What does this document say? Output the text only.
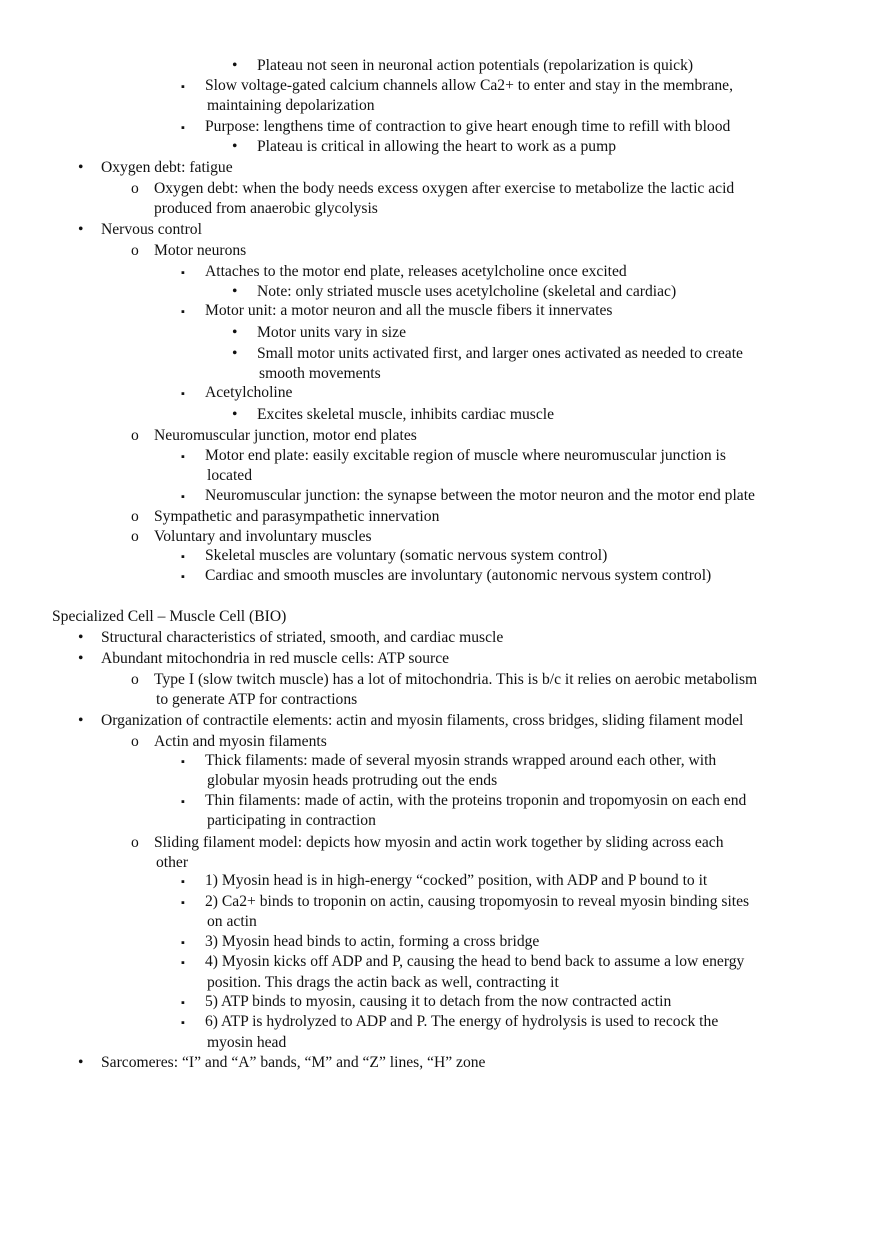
• Plateau not seen in neuronal action potentials (repolarization is quick)
▪ Slow voltage-gated calcium channels allow Ca2+ to enter and stay in the membrane,
maintaining depolarization
▪ Purpose: lengthens time of contraction to give heart enough time to refill with blood
• Plateau is critical in allowing the heart to work as a pump
• Oxygen debt: fatigue
o Oxygen debt: when the body needs excess oxygen after exercise to metabolize the lactic acid
produced from anaerobic glycolysis
• Nervous control
o Motor neurons
▪ Attaches to the motor end plate, releases acetylcholine once excited
• Note: only striated muscle uses acetylcholine (skeletal and cardiac)
▪ Motor unit: a motor neuron and all the muscle fibers it innervates
• Motor units vary in size
• Small motor units activated first, and larger ones activated as needed to create
smooth movements
▪ Acetylcholine
• Excites skeletal muscle, inhibits cardiac muscle
o Neuromuscular junction, motor end plates
▪ Motor end plate: easily excitable region of muscle where neuromuscular junction is
located
▪ Neuromuscular junction: the synapse between the motor neuron and the motor end plate
o Sympathetic and parasympathetic innervation
o Voluntary and involuntary muscles
▪ Skeletal muscles are voluntary (somatic nervous system control)
▪ Cardiac and smooth muscles are involuntary (autonomic nervous system control)
Specialized Cell – Muscle Cell (BIO)
• Structural characteristics of striated, smooth, and cardiac muscle
• Abundant mitochondria in red muscle cells: ATP source
o Type I (slow twitch muscle) has a lot of mitochondria. This is b/c it relies on aerobic metabolism
to generate ATP for contractions
• Organization of contractile elements: actin and myosin filaments, cross bridges, sliding filament model
o Actin and myosin filaments
▪ Thick filaments: made of several myosin strands wrapped around each other, with
globular myosin heads protruding out the ends
▪ Thin filaments: made of actin, with the proteins troponin and tropomyosin on each end
participating in contraction
o Sliding filament model: depicts how myosin and actin work together by sliding across each
other
▪ 1) Myosin head is in high-energy “cocked” position, with ADP and P bound to it
▪ 2) Ca2+ binds to troponin on actin, causing tropomyosin to reveal myosin binding sites
on actin
▪ 3) Myosin head binds to actin, forming a cross bridge
▪ 4) Myosin kicks off ADP and P, causing the head to bend back to assume a low energy
position. This drags the actin back as well, contracting it
▪ 5) ATP binds to myosin, causing it to detach from the now contracted actin
▪ 6) ATP is hydrolyzed to ADP and P. The energy of hydrolysis is used to recock the
myosin head
• Sarcomeres: “I” and “A” bands, “M” and “Z” lines, “H” zone
